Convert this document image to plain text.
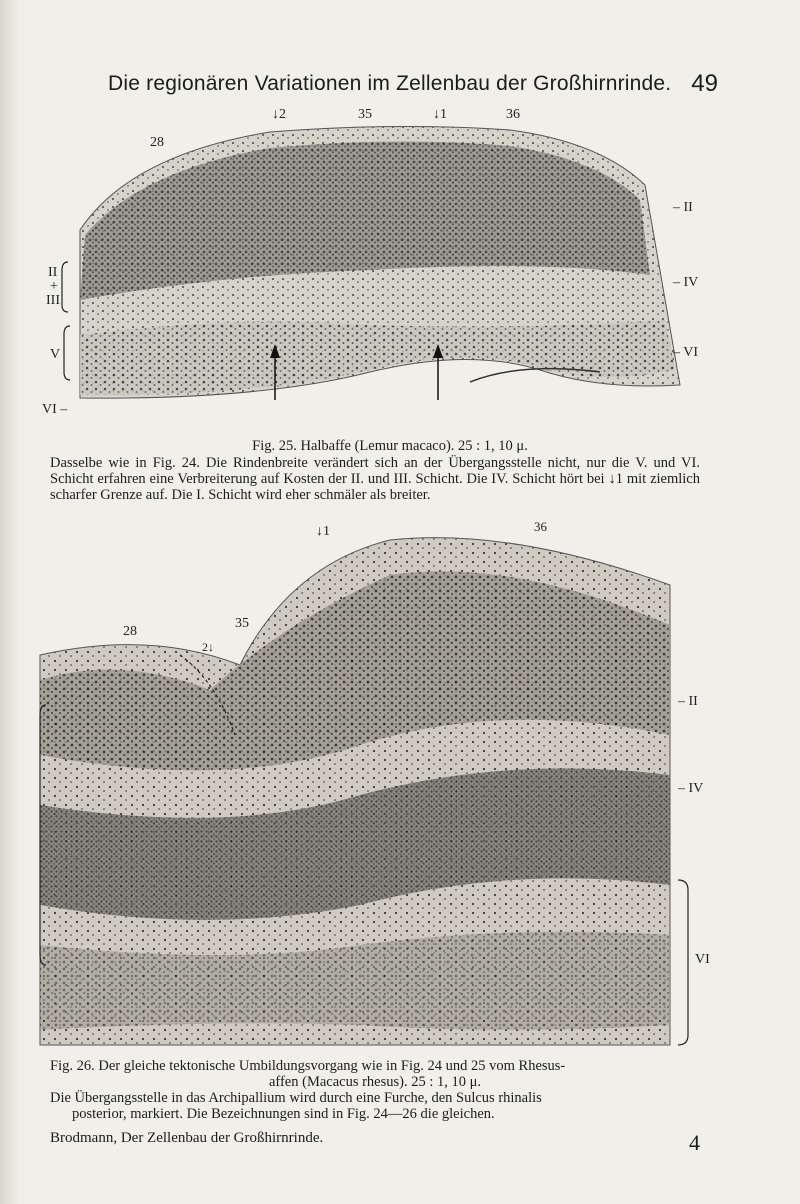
Die regionären Variationen im Zellenbau der Großhirnrinde. 49
↓2	35	↓1	36
28
II
+
III
V
VI –
– II
– IV
– VI
Fig. 25. Halbaffe (Lemur macaco). 25 : 1, 10 μ.
Dasselbe wie in Fig. 24. Die Rindenbreite verändert sich an der Übergangsstelle nicht, nur die V. und VI. Schicht erfahren eine Verbreiterung auf Kosten der II. und III. Schicht. Die IV. Schicht hört bei ↓1 mit ziemlich scharfer Grenze auf. Die I. Schicht wird eher schmäler als breiter.
↓1	36
28
35
2↓
– II
– IV
VI
Fig. 26. Der gleiche tektonische Umbildungsvorgang wie in Fig. 24 und 25 vom Rhesus-
affen (Macacus rhesus). 25 : 1, 10 μ.
Die Übergangsstelle in das Archipallium wird durch eine Furche, den Sulcus rhinalis
posterior, markiert. Die Bezeichnungen sind in Fig. 24—26 die gleichen.
Brodmann, Der Zellenbau der Großhirnrinde.	4
